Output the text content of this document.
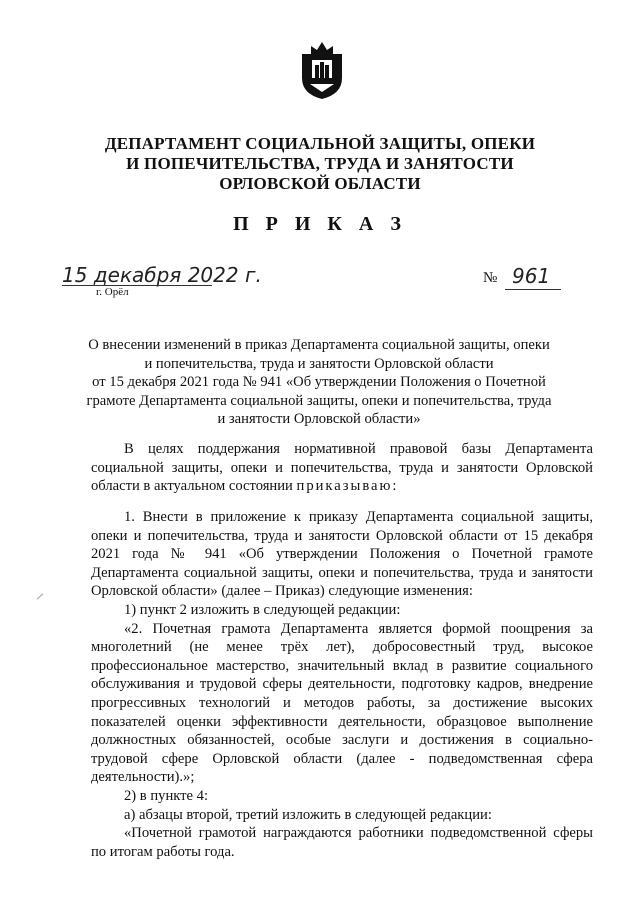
ДЕПАРТАМЕНТ СОЦИАЛЬНОЙ ЗАЩИТЫ, ОПЕКИ
И ПОПЕЧИТЕЛЬСТВА, ТРУДА И ЗАНЯТОСТИ
ОРЛОВСКОЙ ОБЛАСТИ
П Р И К А З
15 декабря 2022 г.
г. Орёл
№ 961
О внесении изменений в приказ Департамента социальной защиты, опеки
и попечительства, труда и занятости Орловской области
от 15 декабря 2021 года № 941 «Об утверждении Положения о Почетной
грамоте Департамента социальной защиты, опеки и попечительства, труда
и занятости Орловской области»

В целях поддержания нормативной правовой базы Департамента социальной защиты, опеки и попечительства, труда и занятости Орловской области в актуальном состоянии приказываю:

1. Внести в приложение к приказу Департамента социальной защиты, опеки и попечительства, труда и занятости Орловской области от 15 декабря 2021 года № 941 «Об утверждении Положения о Почетной грамоте Департамента социальной защиты, опеки и попечительства, труда и занятости Орловской области» (далее – Приказ) следующие изменения:

1) пункт 2 изложить в следующей редакции:

«2. Почетная грамота Департамента является формой поощрения за многолетний (не менее трёх лет), добросовестный труд, высокое профессиональное мастерство, значительный вклад в развитие социального обслуживания и трудовой сферы деятельности, подготовку кадров, внедрение прогрессивных технологий и методов работы, за достижение высоких показателей оценки эффективности деятельности, образцовое выполнение должностных обязанностей, особые заслуги и достижения в социально-трудовой сфере Орловской области (далее - подведомственная сфера деятельности).»;

2) в пункте 4:

а) абзацы второй, третий изложить в следующей редакции:

«Почетной грамотой награждаются работники подведомственной сферы по итогам работы года.
